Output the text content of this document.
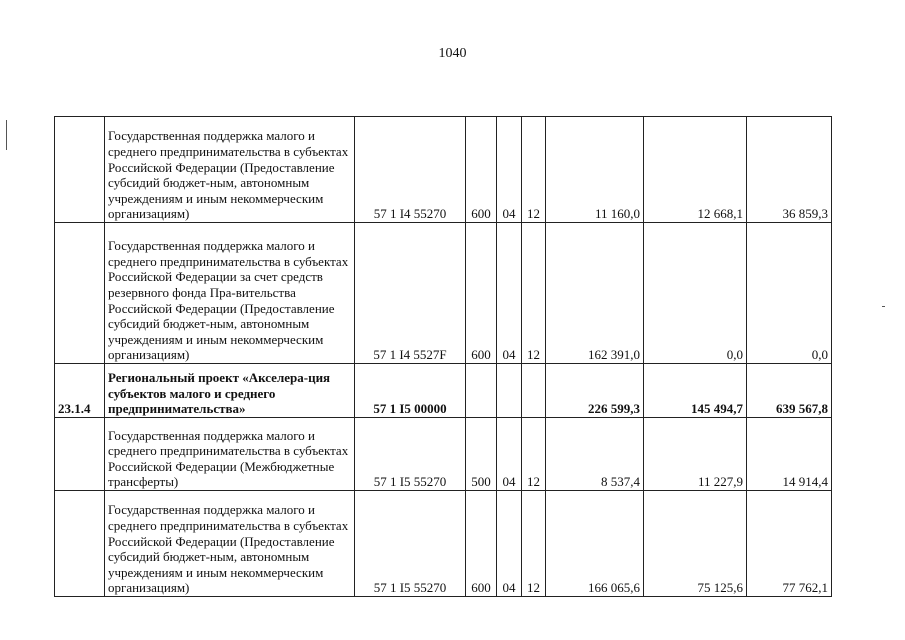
1040
	Государственная поддержка малого и среднего предпринимательства в субъектах Российской Федерации (Предоставление субсидий бюджет-ным, автономным учреждениям и иным некоммерческим организациям)	57 1 I4 55270	600	04	12	11 160,0	12 668,1	36 859,3
	Государственная поддержка малого и среднего предпринимательства в субъектах Российской Федерации за счет средств резервного фонда Пра-вительства Российской Федерации (Предоставление субсидий бюджет-ным, автономным учреждениям и иным некоммерческим организациям)	57 1 I4 5527F	600	04	12	162 391,0	0,0	0,0
23.1.4	Региональный проект «Акселера-ция субъектов малого и среднего предпринимательства»	57 1 I5 00000				226 599,3	145 494,7	639 567,8
	Государственная поддержка малого и среднего предпринимательства в субъектах Российской Федерации (Межбюджетные трансферты)	57 1 I5 55270	500	04	12	8 537,4	11 227,9	14 914,4
	Государственная поддержка малого и среднего предпринимательства в субъектах Российской Федерации (Предоставление субсидий бюджет-ным, автономным учреждениям и иным некоммерческим организациям)	57 1 I5 55270	600	04	12	166 065,6	75 125,6	77 762,1
